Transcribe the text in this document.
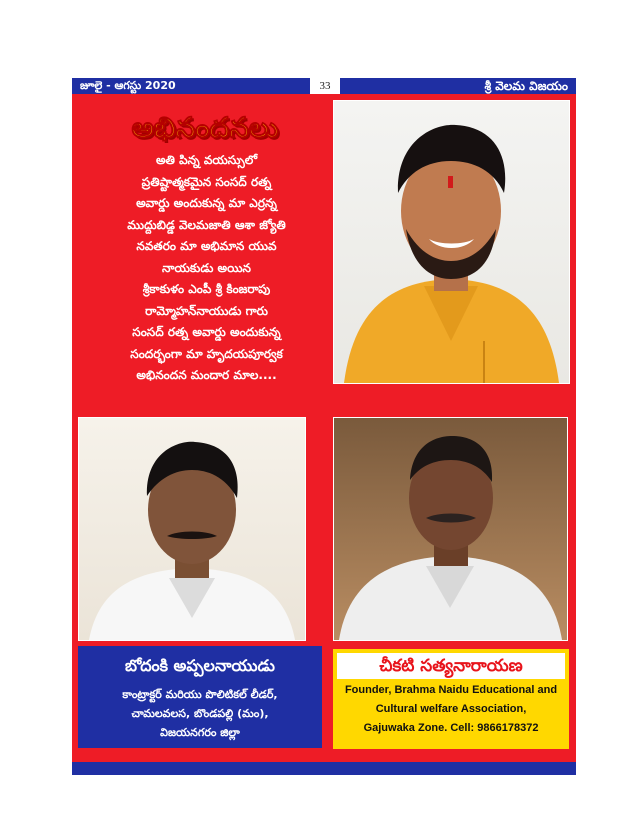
జూలై - ఆగస్టు 2020	33	శ్రీ వెలమ విజయం
అభినందనలు
అతి పిన్న వయస్సులో
ప్రతిష్టాత్మకమైన సంసద్ రత్న
అవార్డు అందుకున్న మా ఎర్రన్న
ముద్దుబిడ్డ వెలమజాతి ఆశా జ్యోతి
నవతరం మా అభిమాన యువ
నాయకుడు అయిన
శ్రీకాకుళం ఎంపీ శ్రీ కింజరాపు
రామ్మోహన్‌నాయుడు గారు
సంసద్ రత్న అవార్డు అందుకున్న
సందర్భంగా మా హృదయపూర్వక
అభినందన మందార మాల....
బోదంకి అప్పలనాయుడు
కాంట్రాక్టర్ మరియు పొలిటికల్ లీడర్,
చామలవలస, బొండపల్లి (మం),
విజయనగరం జిల్లా
చీకటి సత్యనారాయణ
Founder, Brahma Naidu Educational and
Cultural welfare Association,
Gajuwaka Zone. Cell: 9866178372
